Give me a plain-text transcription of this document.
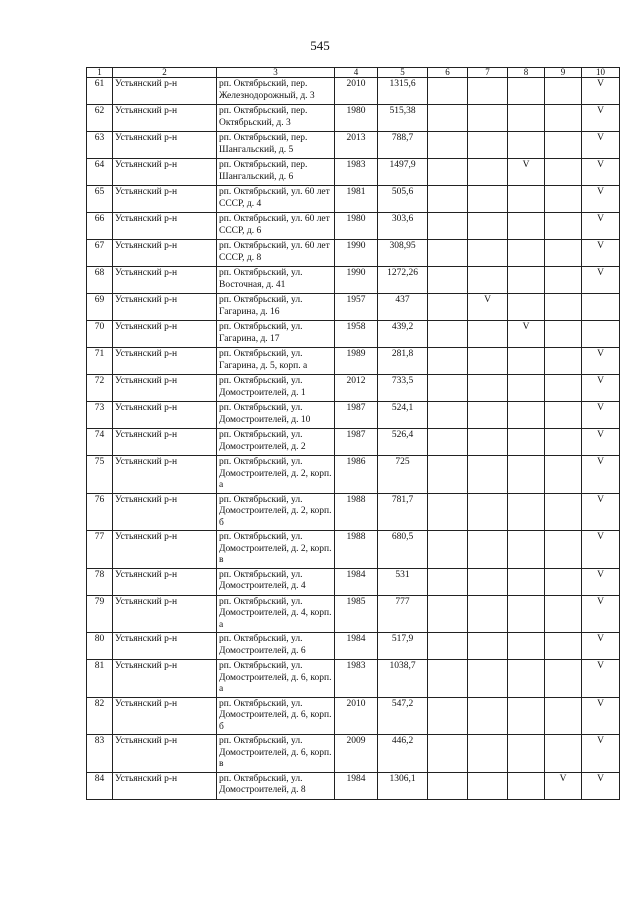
545
1	2	3	4	5	6	7	8	9	10
61	Устьянский р-н	рп. Октябрьский, пер. Железнодорожный, д. 3	2010	1315,6					V
62	Устьянский р-н	рп. Октябрьский, пер. Октябрьский, д. 3	1980	515,38					V
63	Устьянский р-н	рп. Октябрьский, пер. Шангальский, д. 5	2013	788,7					V
64	Устьянский р-н	рп. Октябрьский, пер. Шангальский, д. 6	1983	1497,9			V		V
65	Устьянский р-н	рп. Октябрьский, ул. 60 лет СССР, д. 4	1981	505,6					V
66	Устьянский р-н	рп. Октябрьский, ул. 60 лет СССР, д. 6	1980	303,6					V
67	Устьянский р-н	рп. Октябрьский, ул. 60 лет СССР, д. 8	1990	308,95					V
68	Устьянский р-н	рп. Октябрьский, ул. Восточная, д. 41	1990	1272,26					V
69	Устьянский р-н	рп. Октябрьский, ул. Гагарина, д. 16	1957	437		V			
70	Устьянский р-н	рп. Октябрьский, ул. Гагарина, д. 17	1958	439,2			V		
71	Устьянский р-н	рп. Октябрьский, ул. Гагарина, д. 5, корп. а	1989	281,8					V
72	Устьянский р-н	рп. Октябрьский, ул. Домостроителей, д. 1	2012	733,5					V
73	Устьянский р-н	рп. Октябрьский, ул. Домостроителей, д. 10	1987	524,1					V
74	Устьянский р-н	рп. Октябрьский, ул. Домостроителей, д. 2	1987	526,4					V
75	Устьянский р-н	рп. Октябрьский, ул. Домостроителей, д. 2, корп. а	1986	725					V
76	Устьянский р-н	рп. Октябрьский, ул. Домостроителей, д. 2, корп. б	1988	781,7					V
77	Устьянский р-н	рп. Октябрьский, ул. Домостроителей, д. 2, корп. в	1988	680,5					V
78	Устьянский р-н	рп. Октябрьский, ул. Домостроителей, д. 4	1984	531					V
79	Устьянский р-н	рп. Октябрьский, ул. Домостроителей, д. 4, корп. а	1985	777					V
80	Устьянский р-н	рп. Октябрьский, ул. Домостроителей, д. 6	1984	517,9					V
81	Устьянский р-н	рп. Октябрьский, ул. Домостроителей, д. 6, корп. а	1983	1038,7					V
82	Устьянский р-н	рп. Октябрьский, ул. Домостроителей, д. 6, корп. б	2010	547,2					V
83	Устьянский р-н	рп. Октябрьский, ул. Домостроителей, д. 6, корп. в	2009	446,2					V
84	Устьянский р-н	рп. Октябрьский, ул. Домостроителей, д. 8	1984	1306,1				V	V
